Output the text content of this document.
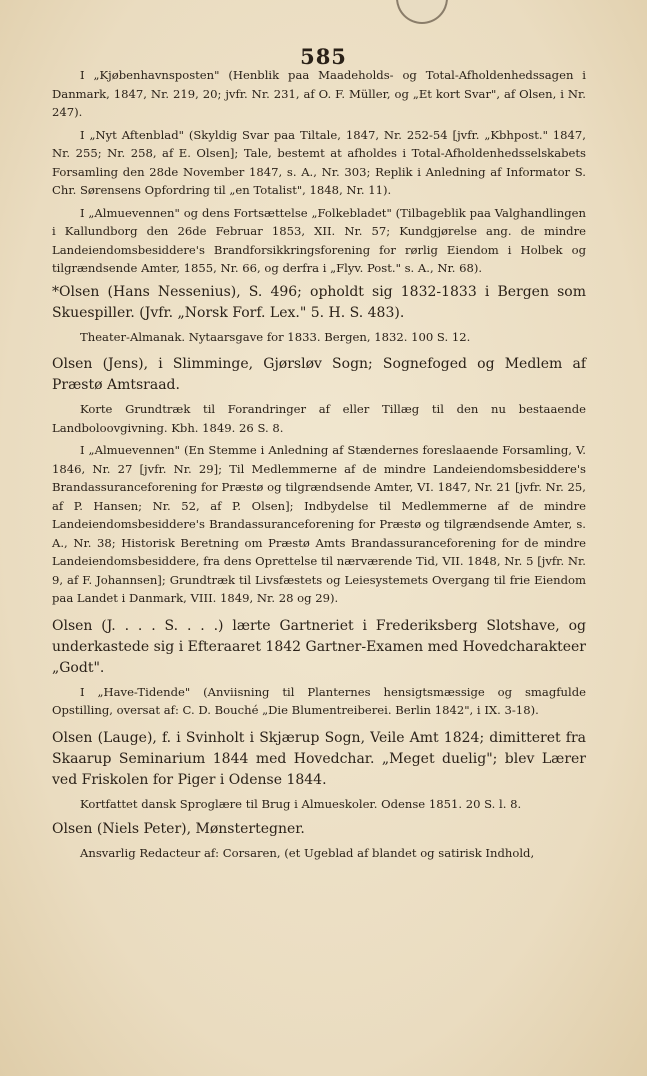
585

I „Kjøbenhavnsposten" (Henblik paa Maadeholds- og Total-Afholdenhedssagen i Danmark, 1847, Nr. 219, 20; jvfr. Nr. 231, af O. F. Müller, og „Et kort Svar", af Olsen, i Nr. 247).

I „Nyt Aftenblad" (Skyldig Svar paa Tiltale, 1847, Nr. 252-54 [jvfr. „Kbhpost." 1847, Nr. 255; Nr. 258, af E. Olsen]; Tale, bestemt at afholdes i Total-Afholdenhedsselskabets Forsamling den 28de November 1847, s. A., Nr. 303; Replik i Anledning af Informator S. Chr. Sørensens Opfordring til „en Totalist", 1848, Nr. 11).

I „Almuevennen" og dens Fortsættelse „Folkebladet" (Tilbageblik paa Valghandlingen i Kallundborg den 26de Februar 1853, XII. Nr. 57; Kundgjørelse ang. de mindre Landeiendomsbesiddere's Brandforsikkringsforening for rørlig Eiendom i Holbek og tilgrændsende Amter, 1855, Nr. 66, og derfra i „Flyv. Post." s. A., Nr. 68).

*Olsen (Hans Nessenius), S. 496; opholdt sig 1832-1833 i Bergen som Skuespiller. (Jvfr. „Norsk Forf. Lex." 5. H. S. 483).

Theater-Almanak. Nytaarsgave for 1833. Bergen, 1832. 100 S. 12.

Olsen (Jens), i Slimminge, Gjørsløv Sogn; Sognefoged og Medlem af Præstø Amtsraad.

Korte Grundtræk til Forandringer af eller Tillæg til den nu bestaaende Landboloovgivning. Kbh. 1849. 26 S. 8.

I „Almuevennen" (En Stemme i Anledning af Stændernes foreslaaende Forsamling, V. 1846, Nr. 27 [jvfr. Nr. 29]; Til Medlemmerne af de mindre Landeiendomsbesiddere's Brandassuranceforening for Præstø og tilgrændsende Amter, VI. 1847, Nr. 21 [jvfr. Nr. 25, af P. Hansen; Nr. 52, af P. Olsen]; Indbydelse til Medlemmerne af de mindre Landeiendomsbesiddere's Brandassuranceforening for Præstø og tilgrændsende Amter, s. A., Nr. 38; Historisk Beretning om Præstø Amts Brandassuranceforening for de mindre Landeiendomsbesiddere, fra dens Oprettelse til nærværende Tid, VII. 1848, Nr. 5 [jvfr. Nr. 9, af F. Johannsen]; Grundtræk til Livsfæstets og Leiesystemets Overgang til frie Eiendom paa Landet i Danmark, VIII. 1849, Nr. 28 og 29).

Olsen (J. . . . S. . . .) lærte Gartneriet i Frederiksberg Slotshave, og underkastede sig i Efteraaret 1842 Gartner-Examen med Hovedcharakteer „Godt".

I „Have-Tidende" (Anviisning til Planternes hensigtsmæssige og smagfulde Opstilling, oversat af: C. D. Bouché „Die Blumentreiberei. Berlin 1842", i IX. 3-18).

Olsen (Lauge), f. i Svinholt i Skjærup Sogn, Veile Amt 1824; dimitteret fra Skaarup Seminarium 1844 med Hovedchar. „Meget duelig"; blev Lærer ved Friskolen for Piger i Odense 1844.

Kortfattet dansk Sproglære til Brug i Almueskoler. Odense 1851. 20 S. l. 8.

Olsen (Niels Peter), Mønstertegner.

Ansvarlig Redacteur af: Corsaren, (et Ugeblad af blandet og satirisk Indhold,
